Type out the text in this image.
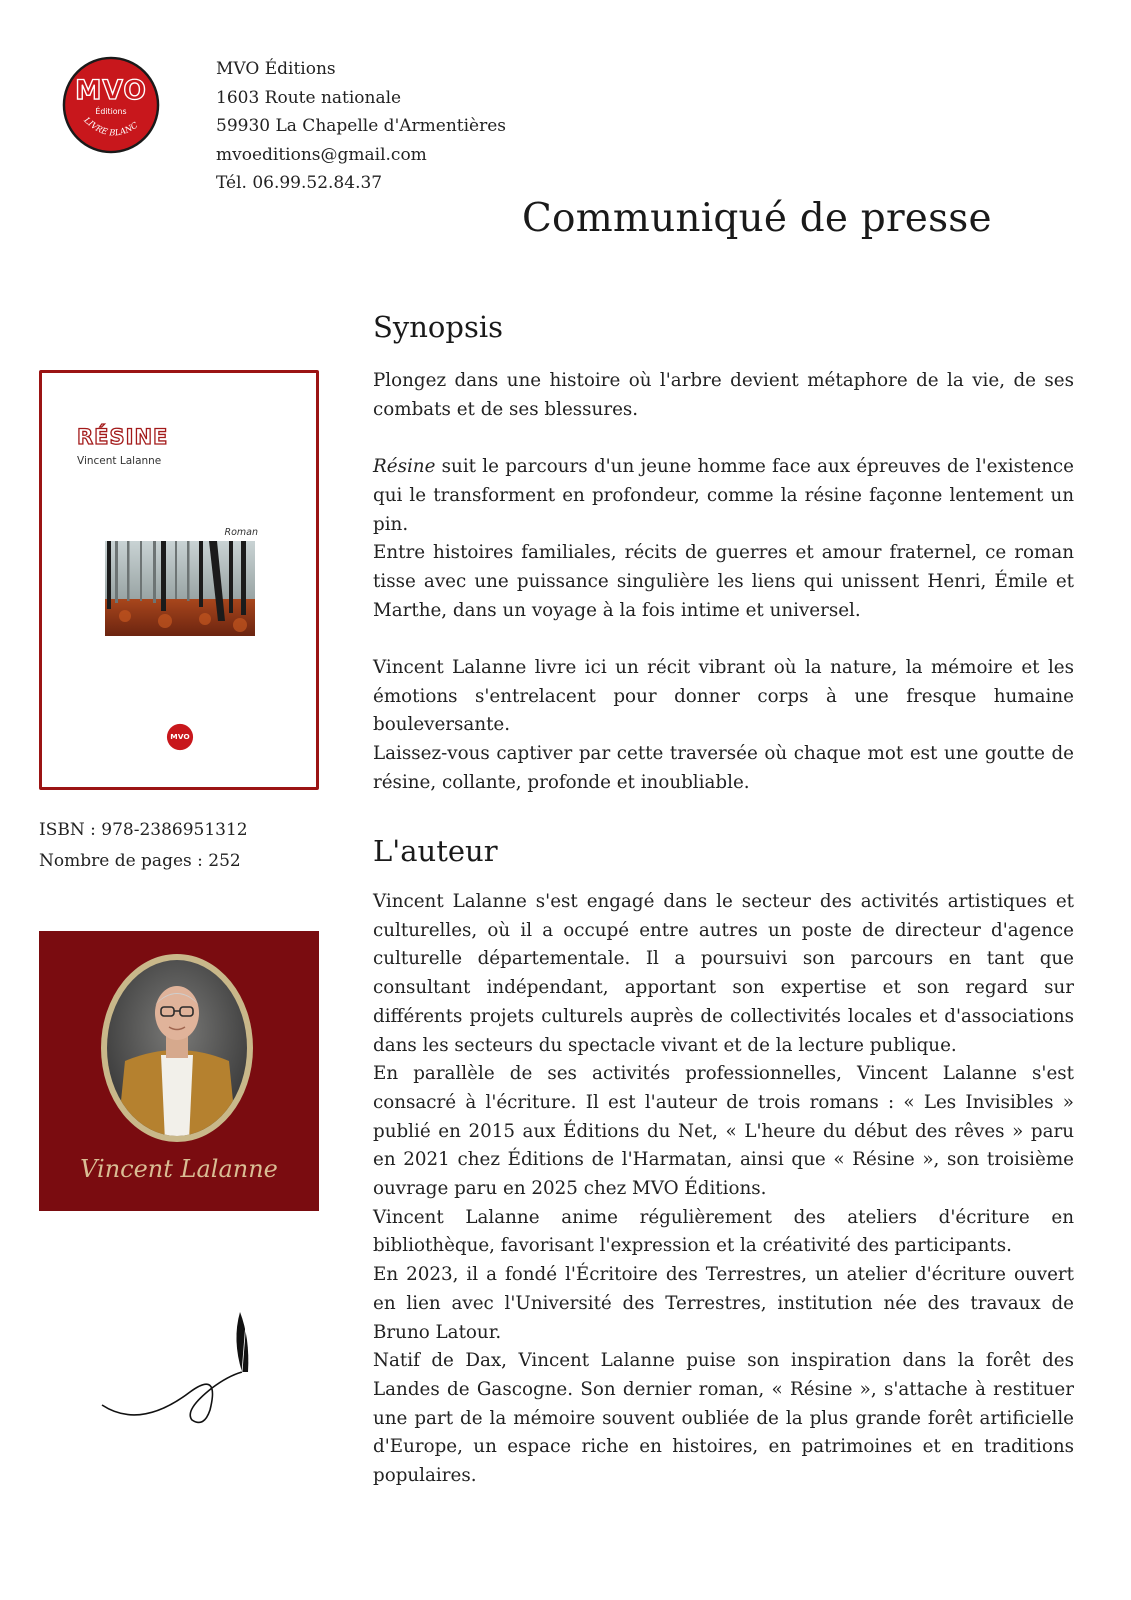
MVO
Éditions
LIVRE BLANC
MVO Éditions
1603 Route nationale
59930 La Chapelle d'Armentières
mvoeditions@gmail.com
Tél. 06.99.52.84.37
Communiqué de presse
RÉSINE
Vincent Lalanne
Roman
MVO
ISBN : 978-2386951312
Nombre de pages : 252
Vincent Lalanne
Synopsis

Plongez dans une histoire où l'arbre devient métaphore de la vie, de ses combats et de ses blessures.

Résine suit le parcours d'un jeune homme face aux épreuves de l'existence qui le transforment en profondeur, comme la résine façonne lentement un pin.

Entre histoires familiales, récits de guerres et amour fraternel, ce roman tisse avec une puissance singulière les liens qui unissent Henri, Émile et Marthe, dans un voyage à la fois intime et universel.

Vincent Lalanne livre ici un récit vibrant où la nature, la mémoire et les émotions s'entrelacent pour donner corps à une fresque humaine bouleversante.

Laissez-vous captiver par cette traversée où chaque mot est une goutte de résine, collante, profonde et inoubliable.

L'auteur

Vincent Lalanne s'est engagé dans le secteur des activités artistiques et culturelles, où il a occupé entre autres un poste de directeur d'agence culturelle départementale. Il a poursuivi son parcours en tant que consultant indépendant, apportant son expertise et son regard sur différents projets culturels auprès de collectivités locales et d'associations dans les secteurs du spectacle vivant et de la lecture publique.

En parallèle de ses activités professionnelles, Vincent Lalanne s'est consacré à l'écriture. Il est l'auteur de trois romans : « Les Invisibles » publié en 2015 aux Éditions du Net, « L'heure du début des rêves » paru en 2021 chez Éditions de l'Harmatan, ainsi que « Résine », son troisième ouvrage paru en 2025 chez MVO Éditions.

Vincent Lalanne anime régulièrement des ateliers d'écriture en bibliothèque, favorisant l'expression et la créativité des participants.

En 2023, il a fondé l'Écritoire des Terrestres, un atelier d'écriture ouvert en lien avec l'Université des Terrestres, institution née des travaux de Bruno Latour.

Natif de Dax, Vincent Lalanne puise son inspiration dans la forêt des Landes de Gascogne. Son dernier roman, « Résine », s'attache à restituer une part de la mémoire souvent oubliée de la plus grande forêt artificielle d'Europe, un espace riche en histoires, en patrimoines et en traditions populaires.
